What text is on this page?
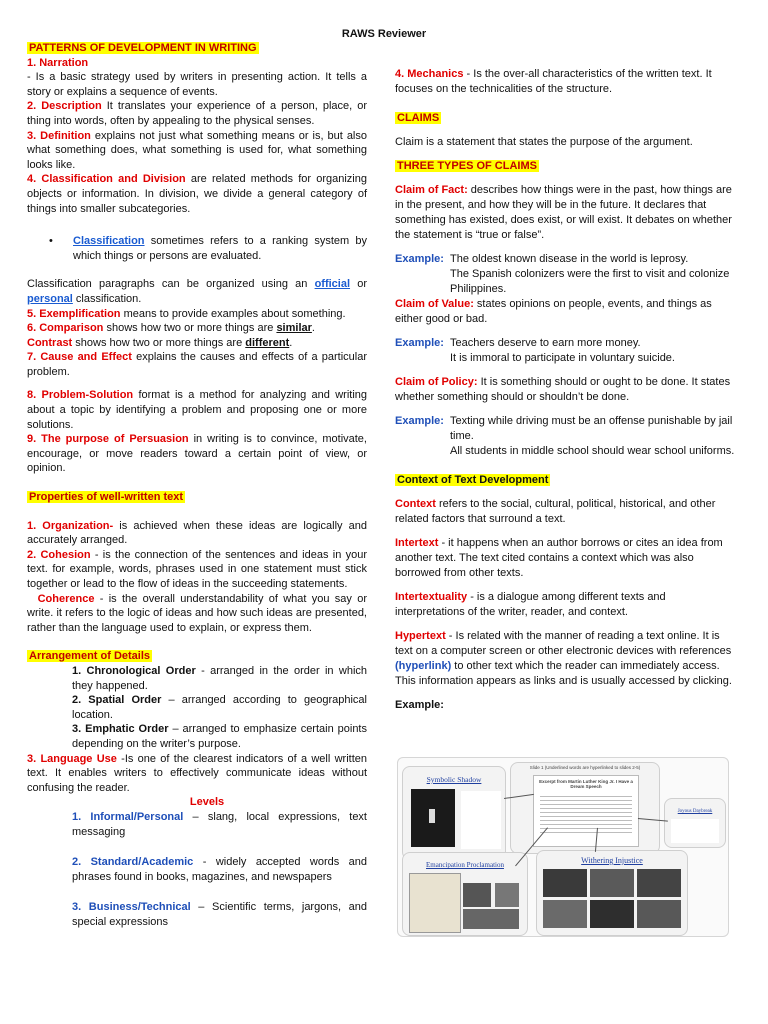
RAWS Reviewer

PATTERNS OF DEVELOPMENT IN WRITING

1. Narration

- Is a basic strategy used by writers in presenting action. It tells a story or explains a sequence of events.

2. Description It translates your experience of a person, place, or thing into words, often by appealing to the physical senses.

3. Definition explains not just what something means or is, but also what something does, what something is used for, what something looks like.

4. Classification and Division are related methods for organizing objects or information. In division, we divide a general category of things into smaller subcategories.

• Classification sometimes refers to a ranking system by which things or persons are evaluated.

Classification paragraphs can be organized using an official or personal classification.

5. Exemplification means to provide examples about something.

6. Comparison shows how two or more things are similar.

Contrast shows how two or more things are different.

7. Cause and Effect explains the causes and effects of a particular problem.

8. Problem-Solution format is a method for analyzing and writing about a topic by identifying a problem and proposing one or more solutions.

9. The purpose of Persuasion in writing is to convince, motivate, encourage, or move readers toward a certain point of view, or opinion.

Properties of well-written text

1. Organization- is achieved when these ideas are logically and accurately arranged.

2. Cohesion - is the connection of the sentences and ideas in your text. for example, words, phrases used in one statement must stick together or lead to the flow of ideas in the succeeding statements.

Coherence - is the overall understandability of what you say or write. it refers to the logic of ideas and how such ideas are presented, rather than the language used to explain, or express them.

Arrangement of Details

1. Chronological Order - arranged in the order in which they happened.

2. Spatial Order – arranged according to geographical location.

3. Emphatic Order – arranged to emphasize certain points depending on the writer’s purpose.

3. Language Use -Is one of the clearest indicators of a well written text. It enables writers to effectively communicate ideas without confusing the reader.

Levels

1. Informal/Personal – slang, local expressions, text messaging

2. Standard/Academic - widely accepted words and phrases found in books, magazines, and newspapers

3. Business/Technical – Scientific terms, jargons, and special expressions

4. Mechanics - Is the over-all characteristics of the written text. It focuses on the technicalities of the structure.

CLAIMS

Claim is a statement that states the purpose of the argument.

THREE TYPES OF CLAIMS

Claim of Fact: describes how things were in the past, how things are in the present, and how they will be in the future. It declares that something has existed, does exist, or will exist. It debates on whether the statement is “true or false”.

Example: The oldest known disease in the world is leprosy.

The Spanish colonizers were the first to visit and colonize Philippines.

Claim of Value: states opinions on people, events, and things as either good or bad.

Example: Teachers deserve to earn more money.

It is immoral to participate in voluntary suicide.

Claim of Policy: It is something should or ought to be done. It states whether something should or shouldn’t be done.

Example: Texting while driving must be an offense punishable by jail time.

All students in middle school should wear school uniforms.

Context of Text Development

Context refers to the social, cultural, political, historical, and other related factors that surround a text.

Intertext - it happens when an author borrows or cites an idea from another text. The text cited contains a context which was also borrowed from other texts.

Intertextuality - is a dialogue among different texts and interpretations of the writer, reader, and context.

Hypertext - Is related with the manner of reading a text online. It is text on a computer screen or other electronic devices with references (hyperlink) to other text which the reader can immediately access. This information appears as links and is usually accessed by clicking.

Example:

Symbolic Shadow
Slide 1 (Underlined words are hyperlinked to slides 2-5)
Excerpt from Martin Luther King Jr. I Have a Dream Speech
Joyous Daybreak
Emancipation Proclamation	Withering Injustice
